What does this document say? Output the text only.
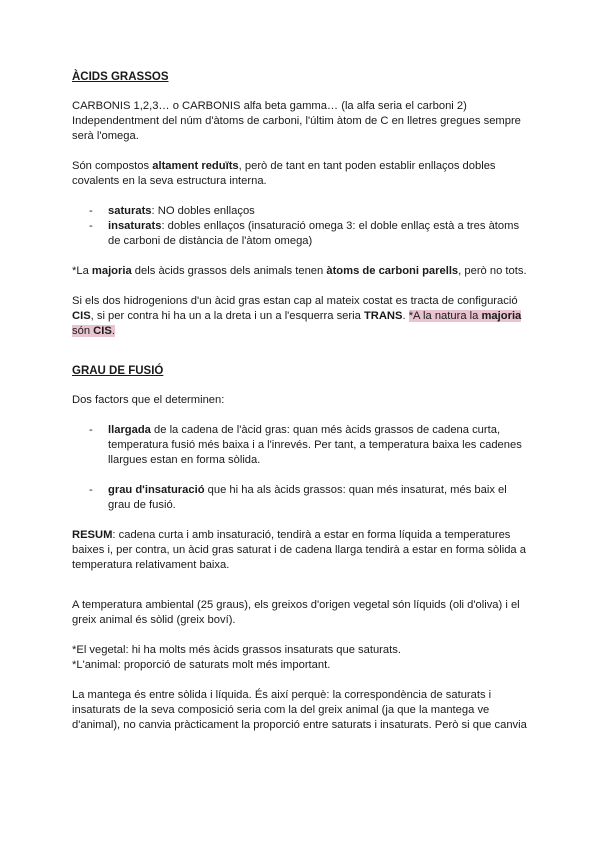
ÀCIDS GRASSOS

CARBONIS 1,2,3… o CARBONIS alfa beta gamma… (la alfa seria el carboni 2)
Independentment del núm d'àtoms de carboni, l'últim àtom de C en lletres gregues sempre
serà l'omega.

Són compostos altament reduïts, però de tant en tant poden establir enllaços dobles
covalents en la seva estructura interna.

- saturats: NO dobles enllaços
- insaturats: dobles enllaços (insaturació omega 3: el doble enllaç està a tres àtoms
de carboni de distància de l'àtom omega)

*La majoria dels àcids grassos dels animals tenen àtoms de carboni parells, però no tots.

Si els dos hidrogenions d'un àcid gras estan cap al mateix costat es tracta de configuració
CIS, si per contra hi ha un a la dreta i un a l'esquerra seria TRANS. *A la natura la majoria
són CIS.

GRAU DE FUSIÓ

Dos factors que el determinen:

- llargada de la cadena de l'àcid gras: quan més àcids grassos de cadena curta,
temperatura fusió més baixa i a l'inrevés. Per tant, a temperatura baixa les cadenes
llargues estan en forma sòlida.
- grau d'insaturació que hi ha als àcids grassos: quan més insaturat, més baix el
grau de fusió.

RESUM: cadena curta i amb insaturació, tendirà a estar en forma líquida a temperatures
baixes i, per contra, un àcid gras saturat i de cadena llarga tendirà a estar en forma sòlida a
temperatura relativament baixa.

A temperatura ambiental (25 graus), els greixos d'origen vegetal són líquids (oli d'oliva) i el
greix animal és sòlid (greix boví).

*El vegetal: hi ha molts més àcids grassos insaturats que saturats.
*L'animal: proporció de saturats molt més important.

La mantega és entre sòlida i líquida. És així perquè: la correspondència de saturats i
insaturats de la seva composició seria com la del greix animal (ja que la mantega ve
d'animal), no canvia pràcticament la proporció entre saturats i insaturats. Però si que canvia
